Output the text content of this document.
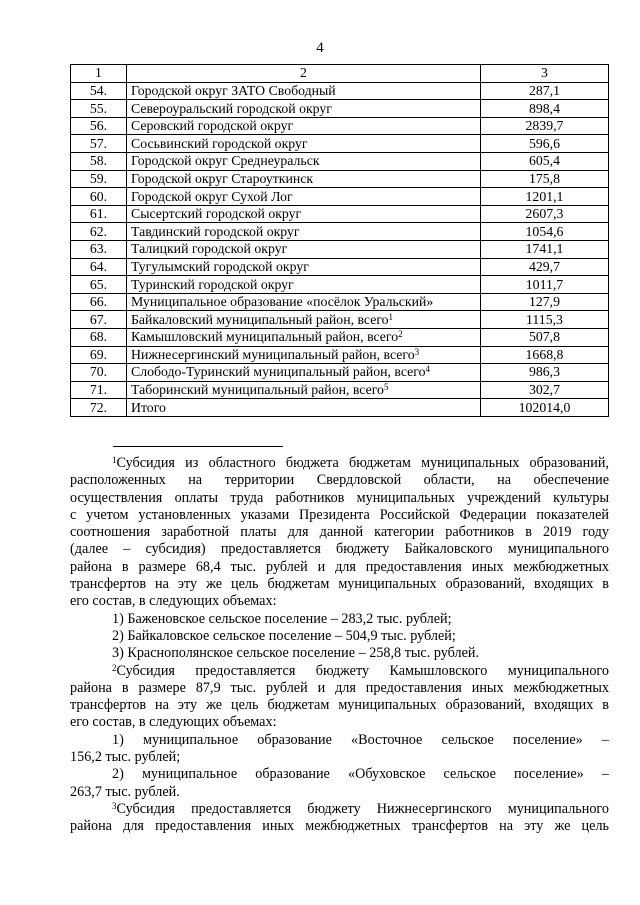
4
1	2	3
54.	Городской округ ЗАТО Свободный	287,1
55.	Североуральский городской округ	898,4
56.	Серовский городской округ	2839,7
57.	Сосьвинский городской округ	596,6
58.	Городской округ Среднеуральск	605,4
59.	Городской округ Староуткинск	175,8
60.	Городской округ Сухой Лог	1201,1
61.	Сысертский городской округ	2607,3
62.	Тавдинский городской округ	1054,6
63.	Талицкий городской округ	1741,1
64.	Тугулымский городской округ	429,7
65.	Туринский городской округ	1011,7
66.	Муниципальное образование «посёлок Уральский»	127,9
67.	Байкаловский муниципальный район, всего$^1$	1115,3
68.	Камышловский муниципальный район, всего$^2$	507,8
69.	Нижнесергинский муниципальный район, всего$^3$	1668,8
70.	Слободо-Туринский муниципальный район, всего$^4$	986,3
71.	Таборинский муниципальный район, всего$^5$	302,7
72.	Итого	102014,0

$^1$Субсидия из областного бюджета бюджетам муниципальных образований,

расположенных на территории Свердловской области, на обеспечение

осуществления оплаты труда работников муниципальных учреждений культуры

с учетом установленных указами Президента Российской Федерации показателей

соотношения заработной платы для данной категории работников в 2019 году

(далее – субсидия) предоставляется бюджету Байкаловского муниципального

района в размере 68,4 тыс. рублей и для предоставления иных межбюджетных

трансфертов на эту же цель бюджетам муниципальных образований, входящих в

его состав, в следующих объемах:

1) Баженовское сельское поселение – 283,2 тыс. рублей;

2) Байкаловское сельское поселение – 504,9 тыс. рублей;

3) Краснополянское сельское поселение – 258,8 тыс. рублей.

$^2$Субсидия предоставляется бюджету Камышловского муниципального

района в размере 87,9 тыс. рублей и для предоставления иных межбюджетных

трансфертов на эту же цель бюджетам муниципальных образований, входящих в

его состав, в следующих объемах:

1) муниципальное образование «Восточное сельское поселение» –

156,2 тыс. рублей;

2) муниципальное образование «Обуховское сельское поселение» –

263,7 тыс. рублей.

$^3$Субсидия предоставляется бюджету Нижнесергинского муниципального

района для предоставления иных межбюджетных трансфертов на эту же цель
